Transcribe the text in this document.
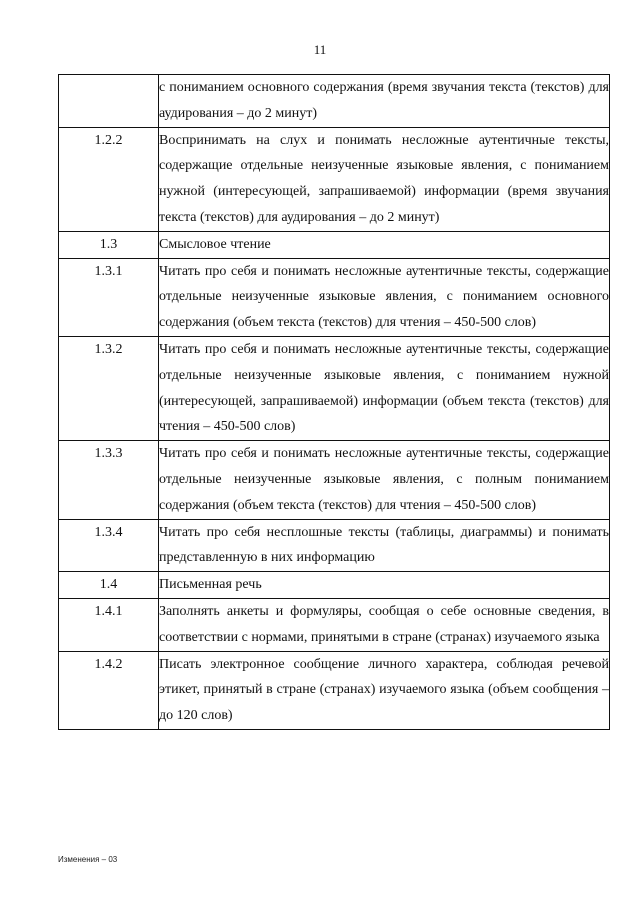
11
	с пониманием основного содержания (время звучания текста (текстов) для аудирования – до 2 минут)
1.2.2	Воспринимать на слух и понимать несложные аутентичные тексты, содержащие отдельные неизученные языковые явления, с пониманием нужной (интересующей, запрашиваемой) информации (время звучания текста (текстов) для аудирования – до 2 минут)
1.3	Смысловое чтение
1.3.1	Читать про себя и понимать несложные аутентичные тексты, содержащие отдельные неизученные языковые явления, с пониманием основного содержания (объем текста (текстов) для чтения – 450-500 слов)
1.3.2	Читать про себя и понимать несложные аутентичные тексты, содержащие отдельные неизученные языковые явления, с пониманием нужной (интересующей, запрашиваемой) информации (объем текста (текстов) для чтения – 450-500 слов)
1.3.3	Читать про себя и понимать несложные аутентичные тексты, содержащие отдельные неизученные языковые явления, с полным пониманием содержания (объем текста (текстов) для чтения – 450-500 слов)
1.3.4	Читать про себя несплошные тексты (таблицы, диаграммы) и понимать представленную в них информацию
1.4	Письменная речь
1.4.1	Заполнять анкеты и формуляры, сообщая о себе основные сведения, в соответствии с нормами, принятыми в стране (странах) изучаемого языка
1.4.2	Писать электронное сообщение личного характера, соблюдая речевой этикет, принятый в стране (странах) изучаемого языка (объем сообщения – до 120 слов)
Изменения – 03
